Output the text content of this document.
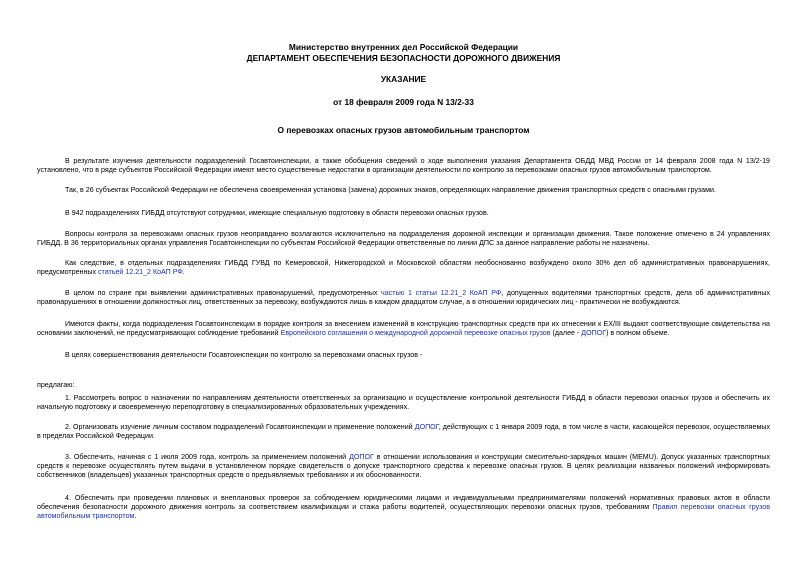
Министерство внутренних дел Российской Федерации
ДЕПАРТАМЕНТ ОБЕСПЕЧЕНИЯ БЕЗОПАСНОСТИ ДОРОЖНОГО ДВИЖЕНИЯ
УКАЗАНИЕ
от 18 февраля 2009 года N 13/2-33
О перевозках опасных грузов автомобильным транспортом

В результате изучения деятельности подразделений Госавтоинспекции, а также обобщения сведений о ходе выполнения указания Департамента ОБДД МВД России от 14 февраля 2008 года N 13/2-19 установлено, что в ряде субъектов Российской Федерации имеют место существенные недостатки в организации деятельности по контролю за перевозками опасных грузов автомобильным транспортом.

Так, в 26 субъектах Российской Федерации не обеспечена своевременная установка (замена) дорожных знаков, определяющих направление движения транспортных средств с опасными грузами.

В 942 подразделениях ГИБДД отсутствуют сотрудники, имеющие специальную подготовку в области перевозки опасных грузов.

Вопросы контроля за перевозками опасных грузов неоправданно возлагаются исключительно на подразделения дорожной инспекции и организации движения. Такое положение отмечено в 24 управлениях ГИБДД. В 36 территориальных органах управления Госавтоинспекции по субъектам Российской Федерации ответственные по линии ДПС за данное направление работы не назначены.

Как следствие, в отдельных подразделениях ГИБДД ГУВД по Кемеровской, Нижегородской и Московской областям необоснованно возбуждено около 30% дел об административных правонарушениях, предусмотренных статьей 12.21_2 КоАП РФ.

В целом по стране при выявлении административных правонарушений, предусмотренных частью 1 статьи 12.21_2 КоАП РФ, допущенных водителями транспортных средств, дела об административных правонарушениях в отношении должностных лиц, ответственных за перевозку, возбуждаются лишь в каждом двадцатом случае, а в отношении юридических лиц - практически не возбуждаются.

Имеются факты, когда подразделения Госавтоинспекции в порядке контроля за внесением изменений в конструкцию транспортных средств при их отнесении к EX/III выдают соответствующие свидетельства на основании заключений, не предусматривающих соблюдение требований Европейского соглашения о международной дорожной перевозке опасных грузов (далее - ДОПОГ) в полном объеме.

В целях совершенствования деятельности Госавтоинспекции по контролю за перевозками опасных грузов -

предлагаю:

1. Рассмотреть вопрос о назначении по направлениям деятельности ответственных за организацию и осуществление контрольной деятельности ГИБДД в области перевозки опасных грузов и обеспечить их начальную подготовку и своевременную переподготовку в специализированных образовательных учреждениях.

2. Организовать изучение личным составом подразделений Госавтоинспекции и применение положений ДОПОГ, действующих с 1 января 2009 года, в том числе в части, касающейся перевозок, осуществляемых в пределах Российской Федерации.

3. Обеспечить, начиная с 1 июля 2009 года, контроль за применением положений ДОПОГ в отношении использования и конструкции смесительно-зарядных машин (MEMU). Допуск указанных транспортных средств к перевозке осуществлять путем выдачи в установленном порядке свидетельств о допуске транспортного средства к перевозке опасных грузов. В целях реализации названных положений информировать собственников (владельцев) указанных транспортных средств о предъявляемых требованиях и их обоснованности.

4. Обеспечить при проведении плановых и внеплановых проверок за соблюдением юридическими лицами и индивидуальными предпринимателями положений нормативных правовых актов в области обеспечения безопасности дорожного движения контроль за соответствием квалификации и стажа работы водителей, осуществляющих перевозки опасных грузов, требованиям Правил перевозки опасных грузов автомобильным транспортом.
